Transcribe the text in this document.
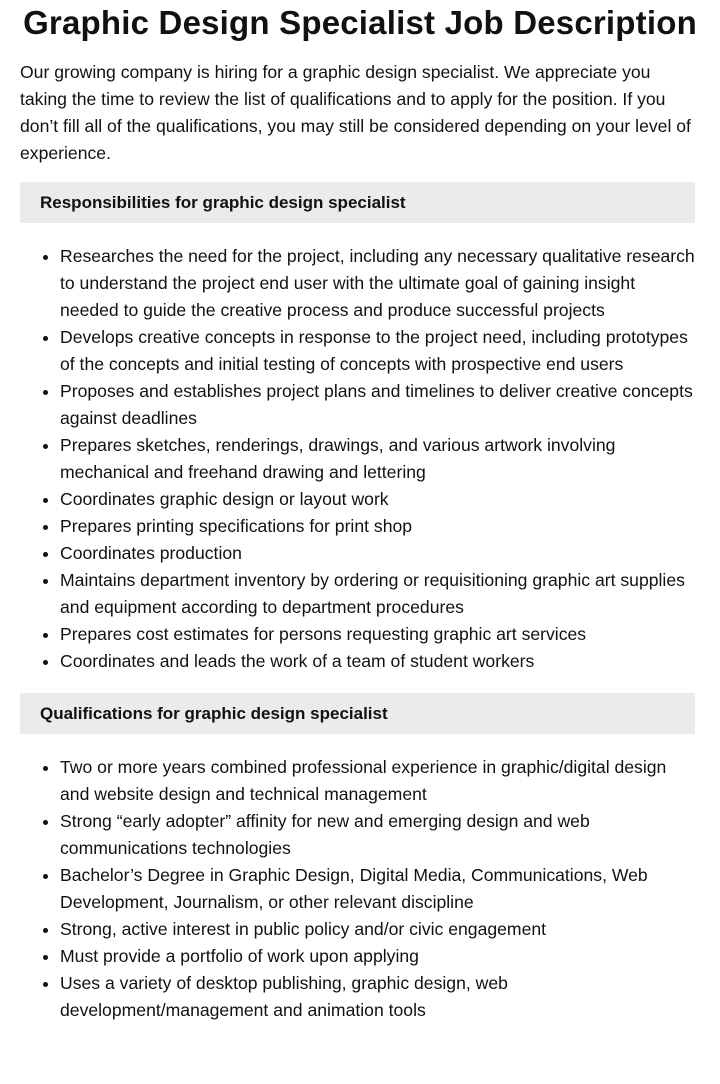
Graphic Design Specialist Job Description

Our growing company is hiring for a graphic design specialist. We appreciate you taking the time to review the list of qualifications and to apply for the position. If you don’t fill all of the qualifications, you may still be considered depending on your level of experience.

Responsibilities for graphic design specialist
• Researches the need for the project, including any necessary qualitative research to understand the project end user with the ultimate goal of gaining insight needed to guide the creative process and produce successful projects
• Develops creative concepts in response to the project need, including prototypes of the concepts and initial testing of concepts with prospective end users
• Proposes and establishes project plans and timelines to deliver creative concepts against deadlines
• Prepares sketches, renderings, drawings, and various artwork involving mechanical and freehand drawing and lettering
• Coordinates graphic design or layout work
• Prepares printing specifications for print shop
• Coordinates production
• Maintains department inventory by ordering or requisitioning graphic art supplies and equipment according to department procedures
• Prepares cost estimates for persons requesting graphic art services
• Coordinates and leads the work of a team of student workers
Qualifications for graphic design specialist
• Two or more years combined professional experience in graphic/digital design and website design and technical management
• Strong “early adopter” affinity for new and emerging design and web communications technologies
• Bachelor’s Degree in Graphic Design, Digital Media, Communications, Web Development, Journalism, or other relevant discipline
• Strong, active interest in public policy and/or civic engagement
• Must provide a portfolio of work upon applying
• Uses a variety of desktop publishing, graphic design, web development/management and animation tools
